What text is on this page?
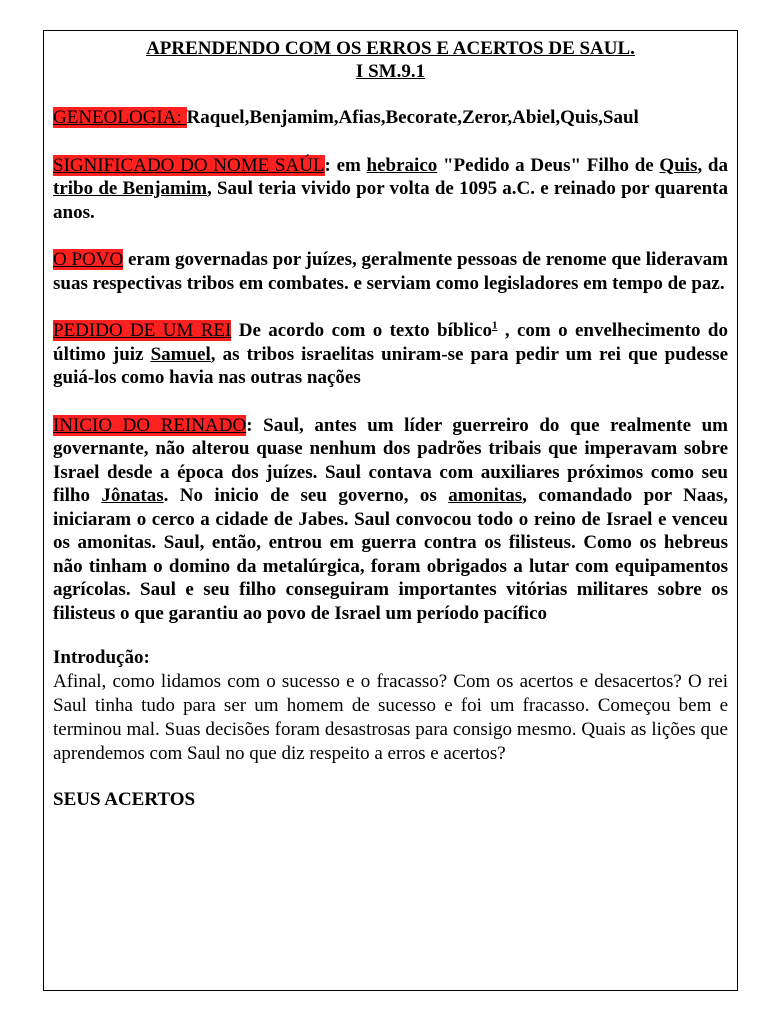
APRENDENDO COM OS ERROS E ACERTOS DE SAUL.
I SM.9.1

GENEOLOGIA: Raquel,Benjamim,Afias,Becorate,Zeror,Abiel,Quis,Saul

SIGNIFICADO DO NOME SAÚL: em hebraico "Pedido a Deus" Filho de Quis, da tribo de Benjamim, Saul teria vivido por volta de 1095 a.C. e reinado por quarenta anos.

O POVO eram governadas por juízes, geralmente pessoas de renome que lideravam suas respectivas tribos em combates. e serviam como legisladores em tempo de paz.

PEDIDO DE UM REI De acordo com o texto bíblico$^1$ , com o envelhecimento do último juiz Samuel, as tribos israelitas uniram-se para pedir um rei que pudesse guiá-los como havia nas outras nações

INICIO DO REINADO: Saul, antes um líder guerreiro do que realmente um governante, não alterou quase nenhum dos padrões tribais que imperavam sobre Israel desde a época dos juízes. Saul contava com auxiliares próximos como seu filho Jônatas. No inicio de seu governo, os amonitas, comandado por Naas, iniciaram o cerco a cidade de Jabes. Saul convocou todo o reino de Israel e venceu os amonitas. Saul, então, entrou em guerra contra os filisteus. Como os hebreus não tinham o domino da metalúrgica, foram obrigados a lutar com equipamentos agrícolas. Saul e seu filho conseguiram importantes vitórias militares sobre os filisteus o que garantiu ao povo de Israel um período pacífico

Introdução:

Afinal, como lidamos com o sucesso e o fracasso? Com os acertos e desacertos? O rei Saul tinha tudo para ser um homem de sucesso e foi um fracasso. Começou bem e terminou mal. Suas decisões foram desastrosas para consigo mesmo. Quais as lições que aprendemos com Saul no que diz respeito a erros e acertos?

SEUS ACERTOS
